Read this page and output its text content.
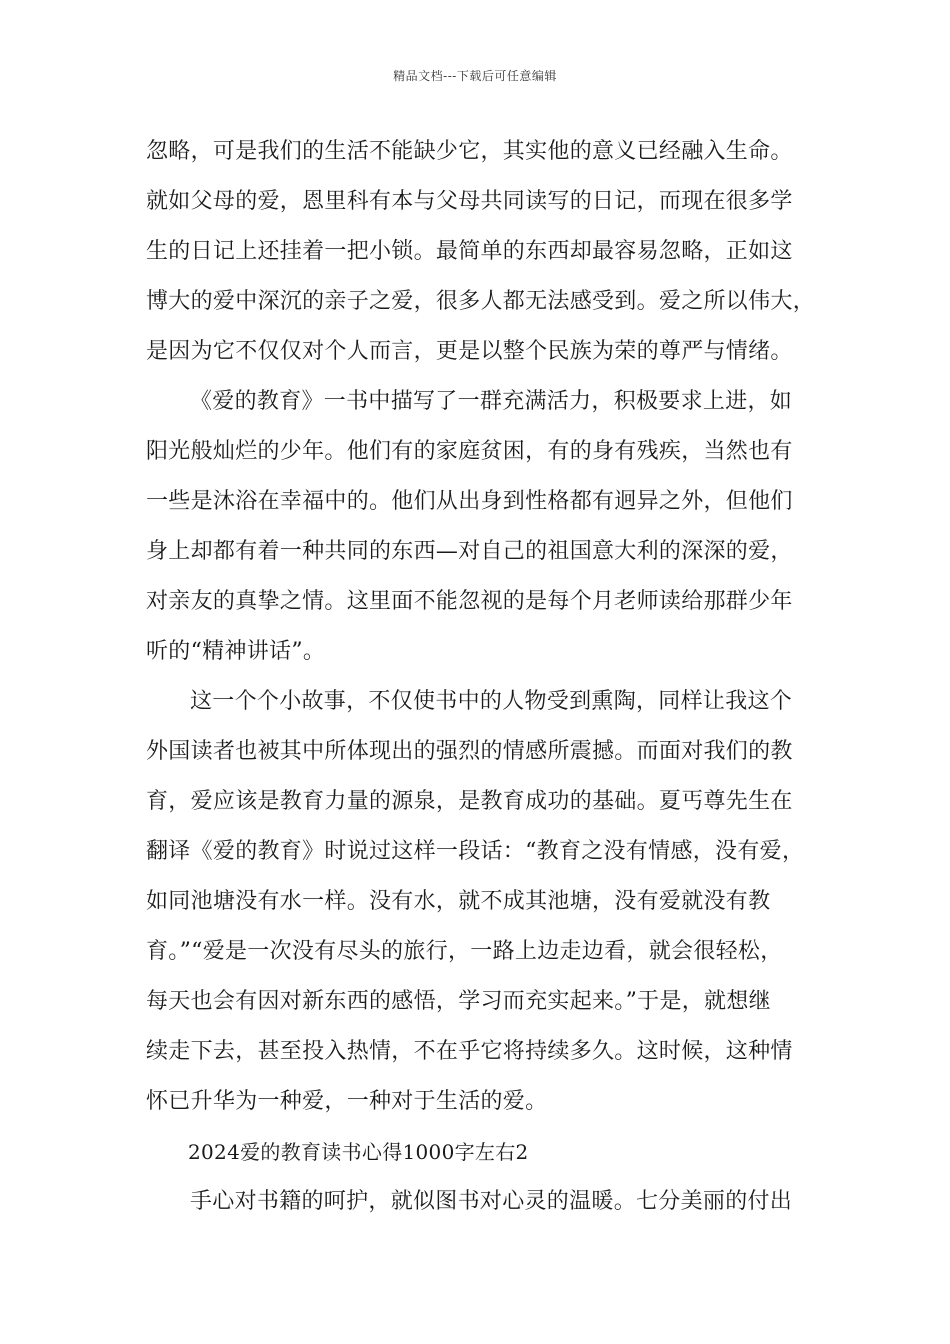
精品文档---下载后可任意编辑
忽略，可是我们的生活不能缺少它，其实他的意义已经融入生命。
就如父母的爱，恩里科有本与父母共同读写的日记，而现在很多学
生的日记上还挂着一把小锁。最简单的东西却最容易忽略，正如这
博大的爱中深沉的亲子之爱，很多人都无法感受到。爱之所以伟大，
是因为它不仅仅对个人而言，更是以整个民族为荣的尊严与情绪。
《爱的教育》一书中描写了一群充满活力，积极要求上进，如
阳光般灿烂的少年。他们有的家庭贫困，有的身有残疾，当然也有
一些是沐浴在幸福中的。他们从出身到性格都有迥异之外，但他们
身上却都有着一种共同的东西—对自己的祖国意大利的深深的爱，
对亲友的真挚之情。这里面不能忽视的是每个月老师读给那群少年
听的“精神讲话”。
这一个个小故事，不仅使书中的人物受到熏陶，同样让我这个
外国读者也被其中所体现出的强烈的情感所震撼。而面对我们的教
育，爱应该是教育力量的源泉，是教育成功的基础。夏丐尊先生在
翻译《爱的教育》时说过这样一段话：“教育之没有情感，没有爱，
如同池塘没有水一样。没有水，就不成其池塘，没有爱就没有教
育。”“爱是一次没有尽头的旅行，一路上边走边看，就会很轻松，
每天也会有因对新东西的感悟，学习而充实起来。”于是，就想继
续走下去，甚至投入热情，不在乎它将持续多久。这时候，这种情
怀已升华为一种爱，一种对于生活的爱。
2024爱的教育读书心得1000字左右2
手心对书籍的呵护，就似图书对心灵的温暖。七分美丽的付出
